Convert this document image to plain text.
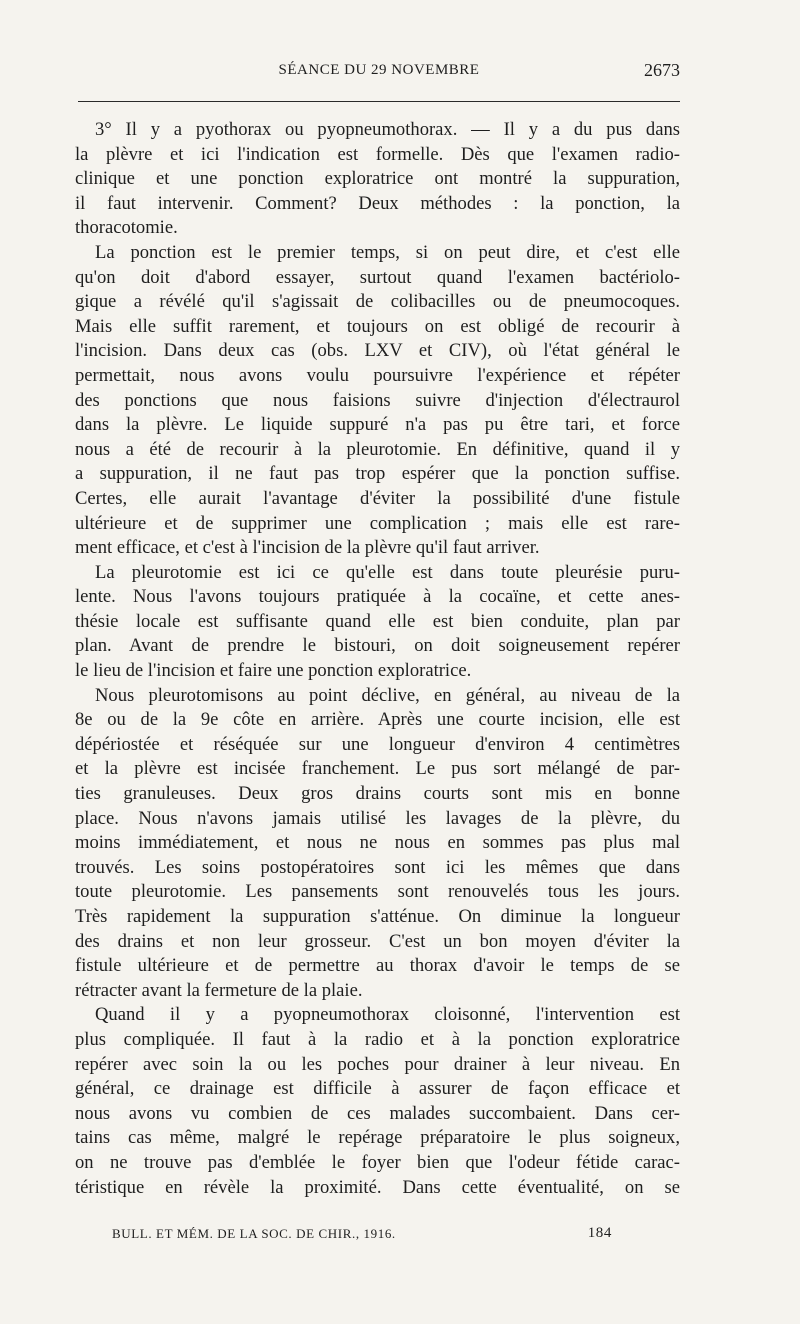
SÉANCE DU 29 NOVEMBRE	2673

3° Il y a pyothorax ou pyopneumothorax. — Il y a du pus dans
la plèvre et ici l'indication est formelle. Dès que l'examen radio-
clinique et une ponction exploratrice ont montré la suppuration,
il faut intervenir. Comment? Deux méthodes : la ponction, la
thoracotomie.

La ponction est le premier temps, si on peut dire, et c'est elle
qu'on doit d'abord essayer, surtout quand l'examen bactériolo-
gique a révélé qu'il s'agissait de colibacilles ou de pneumocoques.
Mais elle suffit rarement, et toujours on est obligé de recourir à
l'incision. Dans deux cas (obs. LXV et CIV), où l'état général le
permettait, nous avons voulu poursuivre l'expérience et répéter
des ponctions que nous faisions suivre d'injection d'électraurol
dans la plèvre. Le liquide suppuré n'a pas pu être tari, et force
nous a été de recourir à la pleurotomie. En définitive, quand il y
a suppuration, il ne faut pas trop espérer que la ponction suffise.
Certes, elle aurait l'avantage d'éviter la possibilité d'une fistule
ultérieure et de supprimer une complication ; mais elle est rare-
ment efficace, et c'est à l'incision de la plèvre qu'il faut arriver.

La pleurotomie est ici ce qu'elle est dans toute pleurésie puru-
lente. Nous l'avons toujours pratiquée à la cocaïne, et cette anes-
thésie locale est suffisante quand elle est bien conduite, plan par
plan. Avant de prendre le bistouri, on doit soigneusement repérer
le lieu de l'incision et faire une ponction exploratrice.

Nous pleurotomisons au point déclive, en général, au niveau de la
8e ou de la 9e côte en arrière. Après une courte incision, elle est
dépériostée et réséquée sur une longueur d'environ 4 centimètres
et la plèvre est incisée franchement. Le pus sort mélangé de par-
ties granuleuses. Deux gros drains courts sont mis en bonne
place. Nous n'avons jamais utilisé les lavages de la plèvre, du
moins immédiatement, et nous ne nous en sommes pas plus mal
trouvés. Les soins postopératoires sont ici les mêmes que dans
toute pleurotomie. Les pansements sont renouvelés tous les jours.
Très rapidement la suppuration s'atténue. On diminue la longueur
des drains et non leur grosseur. C'est un bon moyen d'éviter la
fistule ultérieure et de permettre au thorax d'avoir le temps de se
rétracter avant la fermeture de la plaie.

Quand il y a pyopneumothorax cloisonné, l'intervention est
plus compliquée. Il faut à la radio et à la ponction exploratrice
repérer avec soin la ou les poches pour drainer à leur niveau. En
général, ce drainage est difficile à assurer de façon efficace et
nous avons vu combien de ces malades succombaient. Dans cer-
tains cas même, malgré le repérage préparatoire le plus soigneux,
on ne trouve pas d'emblée le foyer bien que l'odeur fétide carac-
téristique en révèle la proximité. Dans cette éventualité, on se

BULL. ET MÉM. DE LA SOC. DE CHIR., 1916.	184
